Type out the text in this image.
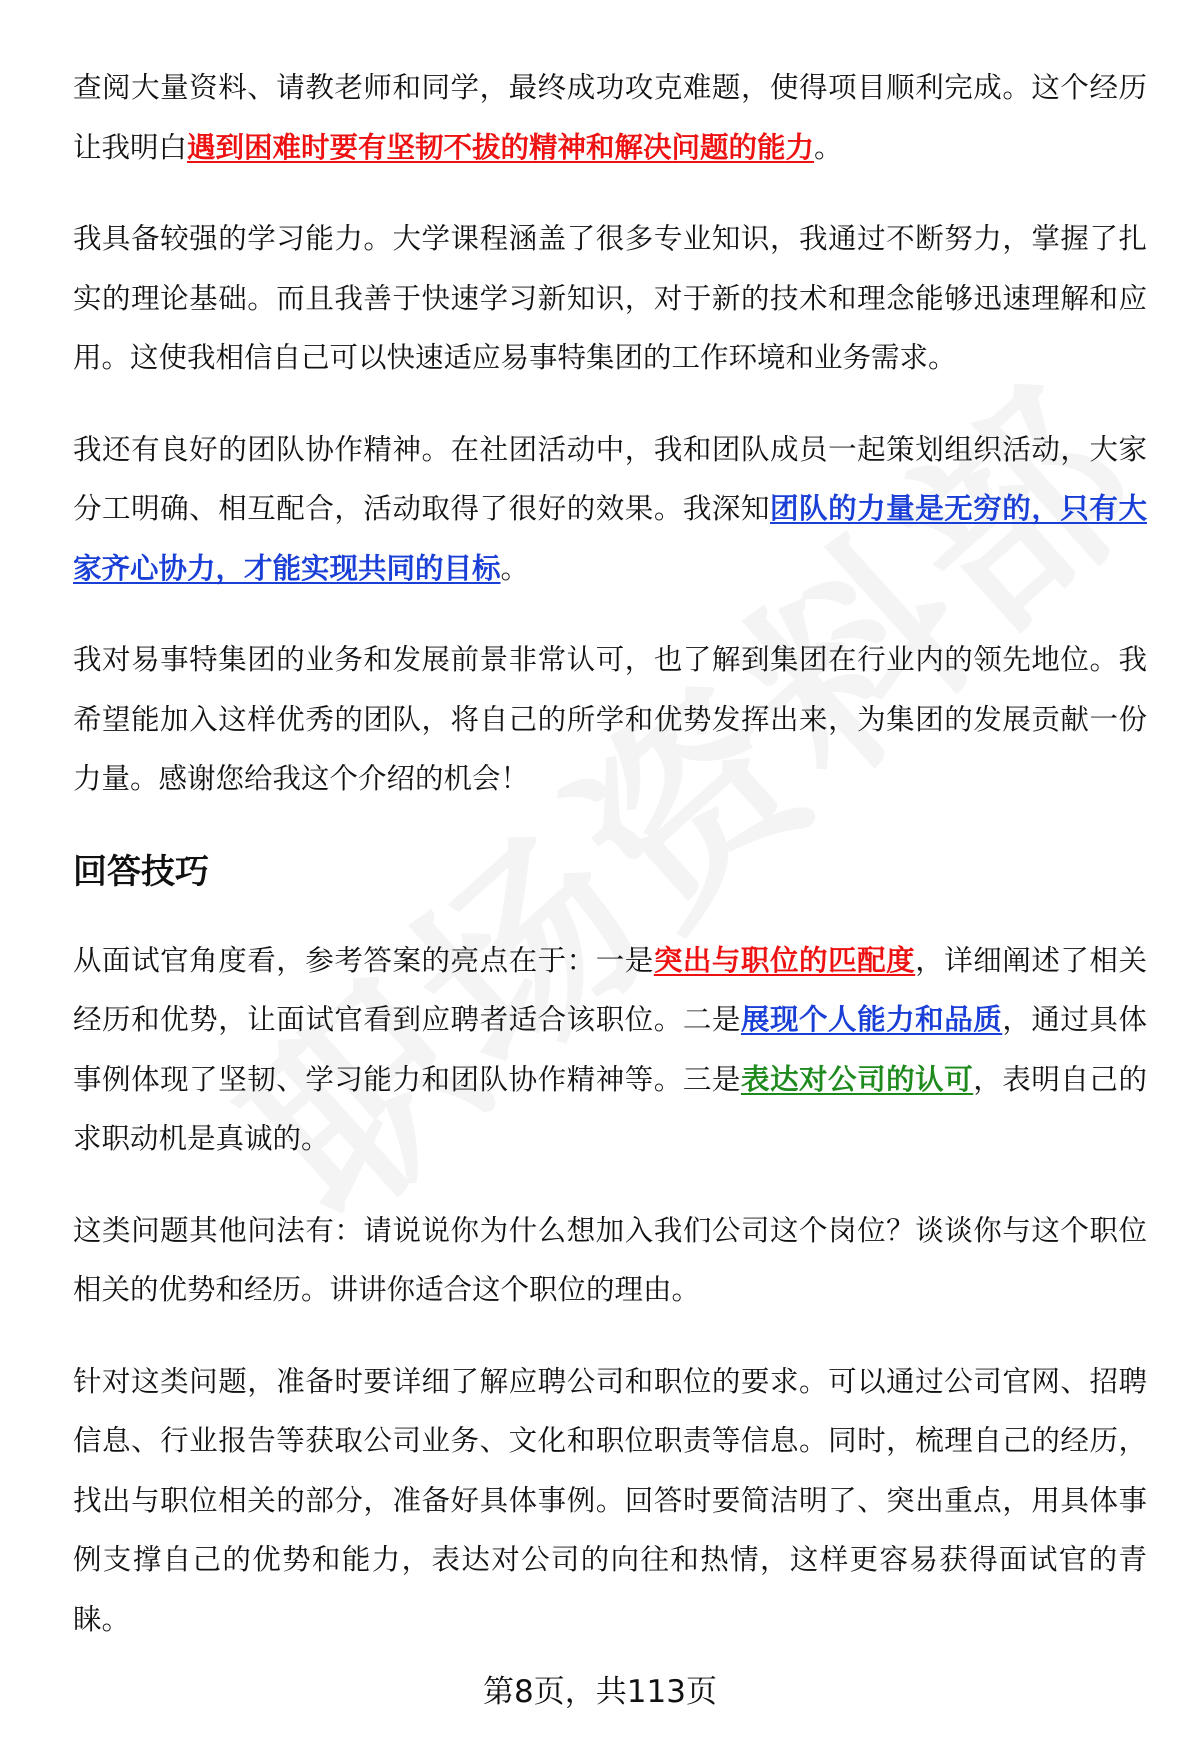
查阅大量资料、请教老师和同学，最终成功攻克难题，使得项目顺利完成。这个经历让我明白遇到困难时要有坚韧不拔的精神和解决问题的能力。

我具备较强的学习能力。大学课程涵盖了很多专业知识，我通过不断努力，掌握了扎实的理论基础。而且我善于快速学习新知识，对于新的技术和理念能够迅速理解和应用。这使我相信自己可以快速适应易事特集团的工作环境和业务需求。

我还有良好的团队协作精神。在社团活动中，我和团队成员一起策划组织活动，大家分工明确、相互配合，活动取得了很好的效果。我深知团队的力量是无穷的，只有大家齐心协力，才能实现共同的目标。

我对易事特集团的业务和发展前景非常认可，也了解到集团在行业内的领先地位。我希望能加入这样优秀的团队，将自己的所学和优势发挥出来，为集团的发展贡献一份力量。感谢您给我这个介绍的机会！

回答技巧

从面试官角度看，参考答案的亮点在于：一是突出与职位的匹配度，详细阐述了相关经历和优势，让面试官看到应聘者适合该职位。二是展现个人能力和品质，通过具体事例体现了坚韧、学习能力和团队协作精神等。三是表达对公司的认可，表明自己的求职动机是真诚的。

这类问题其他问法有：请说说你为什么想加入我们公司这个岗位？谈谈你与这个职位相关的优势和经历。讲讲你适合这个职位的理由。

针对这类问题，准备时要详细了解应聘公司和职位的要求。可以通过公司官网、招聘信息、行业报告等获取公司业务、文化和职位职责等信息。同时，梳理自己的经历，找出与职位相关的部分，准备好具体事例。回答时要简洁明了、突出重点，用具体事例支撑自己的优势和能力，表达对公司的向往和热情，这样更容易获得面试官的青睐。

第8页，共113页
